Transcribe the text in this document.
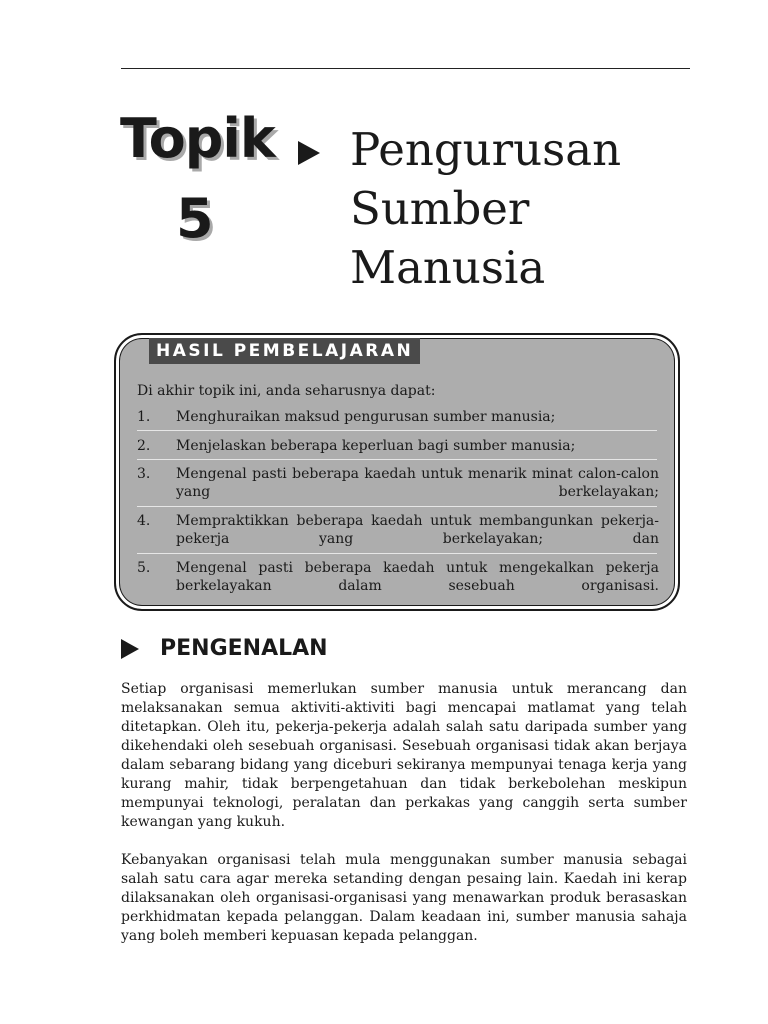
Topik
5
Pengurusan
Sumber
Manusia
HASIL PEMBELAJARAN
Di akhir topik ini, anda seharusnya dapat:
1. Menghuraikan maksud pengurusan sumber manusia;
2. Menjelaskan beberapa keperluan bagi sumber manusia;
3. Mengenal pasti beberapa kaedah untuk menarik minat calon-calon yang berkelayakan;
4. Mempraktikkan beberapa kaedah untuk membangunkan pekerja-pekerja yang berkelayakan; dan
5. Mengenal pasti beberapa kaedah untuk mengekalkan pekerja berkelayakan dalam sesebuah organisasi.
PENGENALAN
Setiap organisasi memerlukan sumber manusia untuk merancang dan melaksanakan semua aktiviti-aktiviti bagi mencapai matlamat yang telah ditetapkan. Oleh itu, pekerja-pekerja adalah salah satu daripada sumber yang dikehendaki oleh sesebuah organisasi. Sesebuah organisasi tidak akan berjaya dalam sebarang bidang yang diceburi sekiranya mempunyai tenaga kerja yang kurang mahir, tidak berpengetahuan dan tidak berkebolehan meskipun mempunyai teknologi, peralatan dan perkakas yang canggih serta sumber kewangan yang kukuh.
Kebanyakan organisasi telah mula menggunakan sumber manusia sebagai salah satu cara agar mereka setanding dengan pesaing lain. Kaedah ini kerap dilaksanakan oleh organisasi-organisasi yang menawarkan produk berasaskan perkhidmatan kepada pelanggan. Dalam keadaan ini, sumber manusia sahaja yang boleh memberi kepuasan kepada pelanggan.
